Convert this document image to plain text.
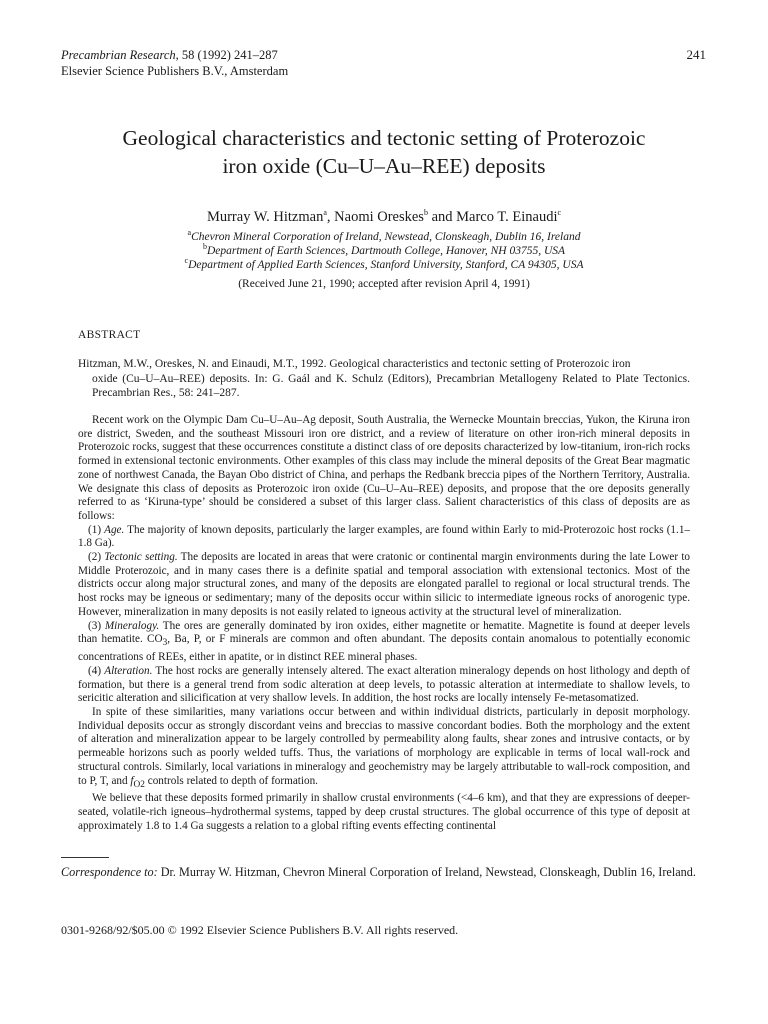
Precambrian Research, 58 (1992) 241–287
Elsevier Science Publishers B.V., Amsterdam
241
Geological characteristics and tectonic setting of Proterozoic
iron oxide (Cu–U–Au–REE) deposits
Murray W. Hitzman$^a$, Naomi Oreskes$^b$ and Marco T. Einaudi$^c$
$^a$Chevron Mineral Corporation of Ireland, Newstead, Clonskeagh, Dublin 16, Ireland
$^b$Department of Earth Sciences, Dartmouth College, Hanover, NH 03755, USA
$^c$Department of Applied Earth Sciences, Stanford University, Stanford, CA 94305, USA
(Received June 21, 1990; accepted after revision April 4, 1991)
ABSTRACT
Hitzman, M.W., Oreskes, N. and Einaudi, M.T., 1992. Geological characteristics and tectonic setting of Proterozoic iron
oxide (Cu–U–Au–REE) deposits. In: G. Gaál and K. Schulz (Editors), Precambrian Metallogeny Related to Plate Tectonics. Precambrian Res., 58: 241–287.

Recent work on the Olympic Dam Cu–U–Au–Ag deposit, South Australia, the Wernecke Mountain breccias, Yukon, the Kiruna iron ore district, Sweden, and the southeast Missouri iron ore district, and a review of literature on other iron-rich mineral deposits in Proterozoic rocks, suggest that these occurrences constitute a distinct class of ore deposits characterized by low-titanium, iron-rich rocks formed in extensional tectonic environments. Other examples of this class may include the mineral deposits of the Great Bear magmatic zone of northwest Canada, the Bayan Obo district of China, and perhaps the Redbank breccia pipes of the Northern Territory, Australia. We designate this class of deposits as Proterozoic iron oxide (Cu–U–Au–REE) deposits, and propose that the ore deposits generally referred to as ‘Kiruna-type’ should be considered a subset of this larger class. Salient characteristics of this class of deposits are as follows:

(1) Age. The majority of known deposits, particularly the larger examples, are found within Early to mid-Proterozoic host rocks (1.1–1.8 Ga).

(2) Tectonic setting. The deposits are located in areas that were cratonic or continental margin environments during the late Lower to Middle Proterozoic, and in many cases there is a definite spatial and temporal association with extensional tectonics. Most of the districts occur along major structural zones, and many of the deposits are elongated parallel to regional or local structural trends. The host rocks may be igneous or sedimentary; many of the deposits occur within silicic to intermediate igneous rocks of anorogenic type. However, mineralization in many deposits is not easily related to igneous activity at the structural level of mineralization.

(3) Mineralogy. The ores are generally dominated by iron oxides, either magnetite or hematite. Magnetite is found at deeper levels than hematite. $CO_3$, Ba, P, or F minerals are common and often abundant. The deposits contain anomalous to potentially economic concentrations of REEs, either in apatite, or in distinct REE mineral phases.

(4) Alteration. The host rocks are generally intensely altered. The exact alteration mineralogy depends on host lithology and depth of formation, but there is a general trend from sodic alteration at deep levels, to potassic alteration at intermediate to shallow levels, to sericitic alteration and silicification at very shallow levels. In addition, the host rocks are locally intensely Fe-metasomatized.

In spite of these similarities, many variations occur between and within individual districts, particularly in deposit morphology. Individual deposits occur as strongly discordant veins and breccias to massive concordant bodies. Both the morphology and the extent of alteration and mineralization appear to be largely controlled by permeability along faults, shear zones and intrusive contacts, or by permeable horizons such as poorly welded tuffs. Thus, the variations of morphology are explicable in terms of local wall-rock and structural controls. Similarly, local variations in mineralogy and geochemistry may be largely attributable to wall-rock composition, and to P, T, and $f_{O2}$ controls related to depth of formation.

We believe that these deposits formed primarily in shallow crustal environments (<4–6 km), and that they are expressions of deeper-seated, volatile-rich igneous–hydrothermal systems, tapped by deep crustal structures. The global occurrence of this type of deposit at approximately 1.8 to 1.4 Ga suggests a relation to a global rifting events effecting continental

Correspondence to: Dr. Murray W. Hitzman, Chevron Mineral Corporation of Ireland, Newstead, Clonskeagh, Dublin 16, Ireland.
0301-9268/92/$05.00 © 1992 Elsevier Science Publishers B.V. All rights reserved.
